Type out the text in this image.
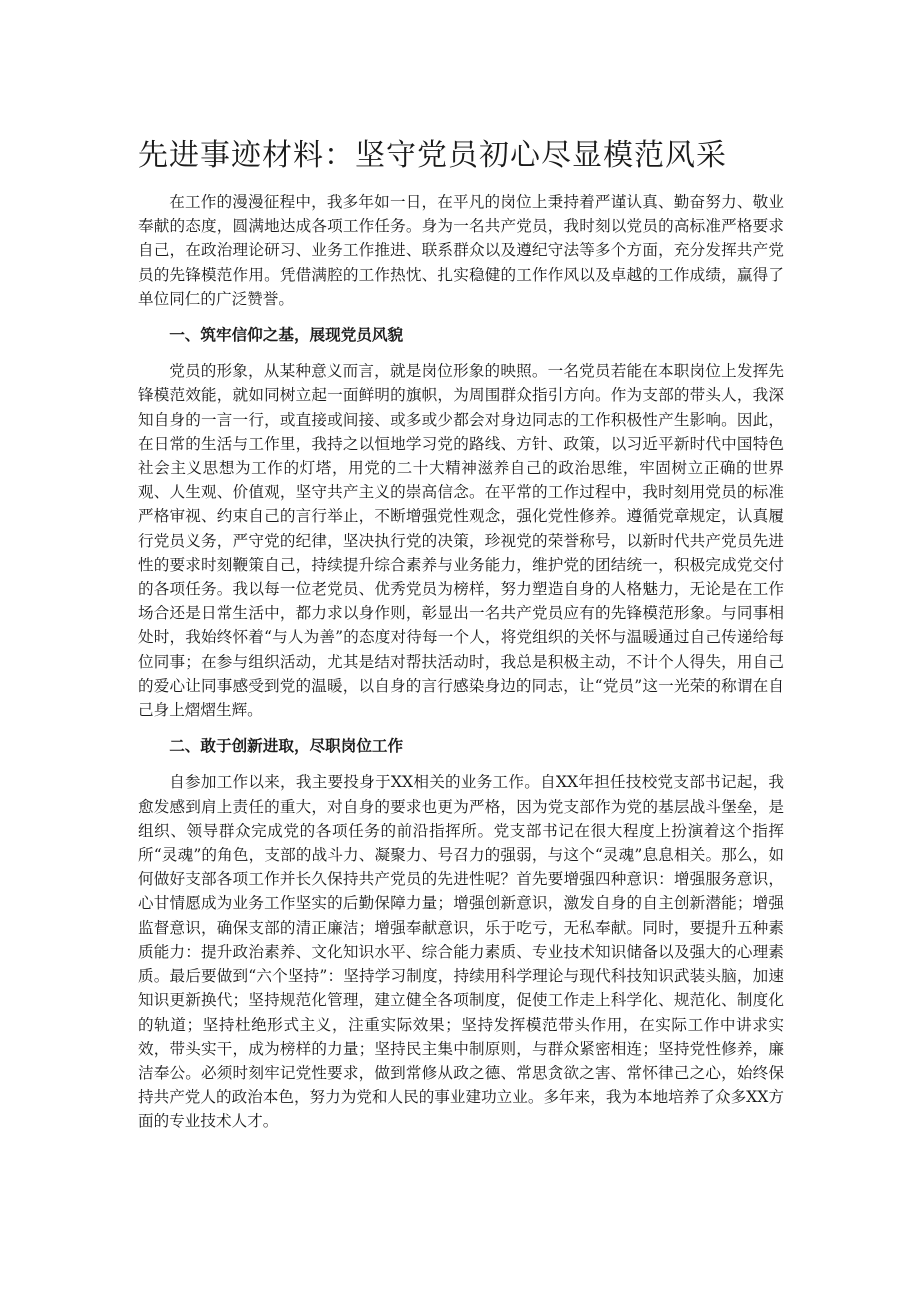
先进事迹材料：坚守党员初心尽显模范风采

在工作的漫漫征程中，我多年如一日，在平凡的岗位上秉持着严谨认真、勤奋努力、敬业奉献的态度，圆满地达成各项工作任务。身为一名共产党员，我时刻以党员的高标准严格要求自己，在政治理论研习、业务工作推进、联系群众以及遵纪守法等多个方面，充分发挥共产党员的先锋模范作用。凭借满腔的工作热忱、扎实稳健的工作作风以及卓越的工作成绩，赢得了单位同仁的广泛赞誉。

一、筑牢信仰之基，展现党员风貌

党员的形象，从某种意义而言，就是岗位形象的映照。一名党员若能在本职岗位上发挥先锋模范效能，就如同树立起一面鲜明的旗帜，为周围群众指引方向。作为支部的带头人，我深知自身的一言一行，或直接或间接、或多或少都会对身边同志的工作积极性产生影响。因此，在日常的生活与工作里，我持之以恒地学习党的路线、方针、政策，以习近平新时代中国特色社会主义思想为工作的灯塔，用党的二十大精神滋养自己的政治思维，牢固树立正确的世界观、人生观、价值观，坚守共产主义的崇高信念。在平常的工作过程中，我时刻用党员的标准严格审视、约束自己的言行举止，不断增强党性观念，强化党性修养。遵循党章规定，认真履行党员义务，严守党的纪律，坚决执行党的决策，珍视党的荣誉称号，以新时代共产党员先进性的要求时刻鞭策自己，持续提升综合素养与业务能力，维护党的团结统一，积极完成党交付的各项任务。我以每一位老党员、优秀党员为榜样，努力塑造自身的人格魅力，无论是在工作场合还是日常生活中，都力求以身作则，彰显出一名共产党员应有的先锋模范形象。与同事相处时，我始终怀着“与人为善”的态度对待每一个人，将党组织的关怀与温暖通过自己传递给每位同事；在参与组织活动，尤其是结对帮扶活动时，我总是积极主动，不计个人得失，用自己的爱心让同事感受到党的温暖，以自身的言行感染身边的同志，让“党员”这一光荣的称谓在自己身上熠熠生辉。

二、敢于创新进取，尽职岗位工作

自参加工作以来，我主要投身于XX相关的业务工作。自XX年担任技校党支部书记起，我愈发感到肩上责任的重大，对自身的要求也更为严格，因为党支部作为党的基层战斗堡垒，是组织、领导群众完成党的各项任务的前沿指挥所。党支部书记在很大程度上扮演着这个指挥所“灵魂”的角色，支部的战斗力、凝聚力、号召力的强弱，与这个“灵魂”息息相关。那么，如何做好支部各项工作并长久保持共产党员的先进性呢？首先要增强四种意识：增强服务意识，心甘情愿成为业务工作坚实的后勤保障力量；增强创新意识，激发自身的自主创新潜能；增强监督意识，确保支部的清正廉洁；增强奉献意识，乐于吃亏，无私奉献。同时，要提升五种素质能力：提升政治素养、文化知识水平、综合能力素质、专业技术知识储备以及强大的心理素质。最后要做到“六个坚持”：坚持学习制度，持续用科学理论与现代科技知识武装头脑，加速知识更新换代；坚持规范化管理，建立健全各项制度，促使工作走上科学化、规范化、制度化的轨道；坚持杜绝形式主义，注重实际效果；坚持发挥模范带头作用，在实际工作中讲求实效，带头实干，成为榜样的力量；坚持民主集中制原则，与群众紧密相连；坚持党性修养，廉洁奉公。必须时刻牢记党性要求，做到常修从政之德、常思贪欲之害、常怀律己之心，始终保持共产党人的政治本色，努力为党和人民的事业建功立业。多年来，我为本地培养了众多XX方面的专业技术人才。
